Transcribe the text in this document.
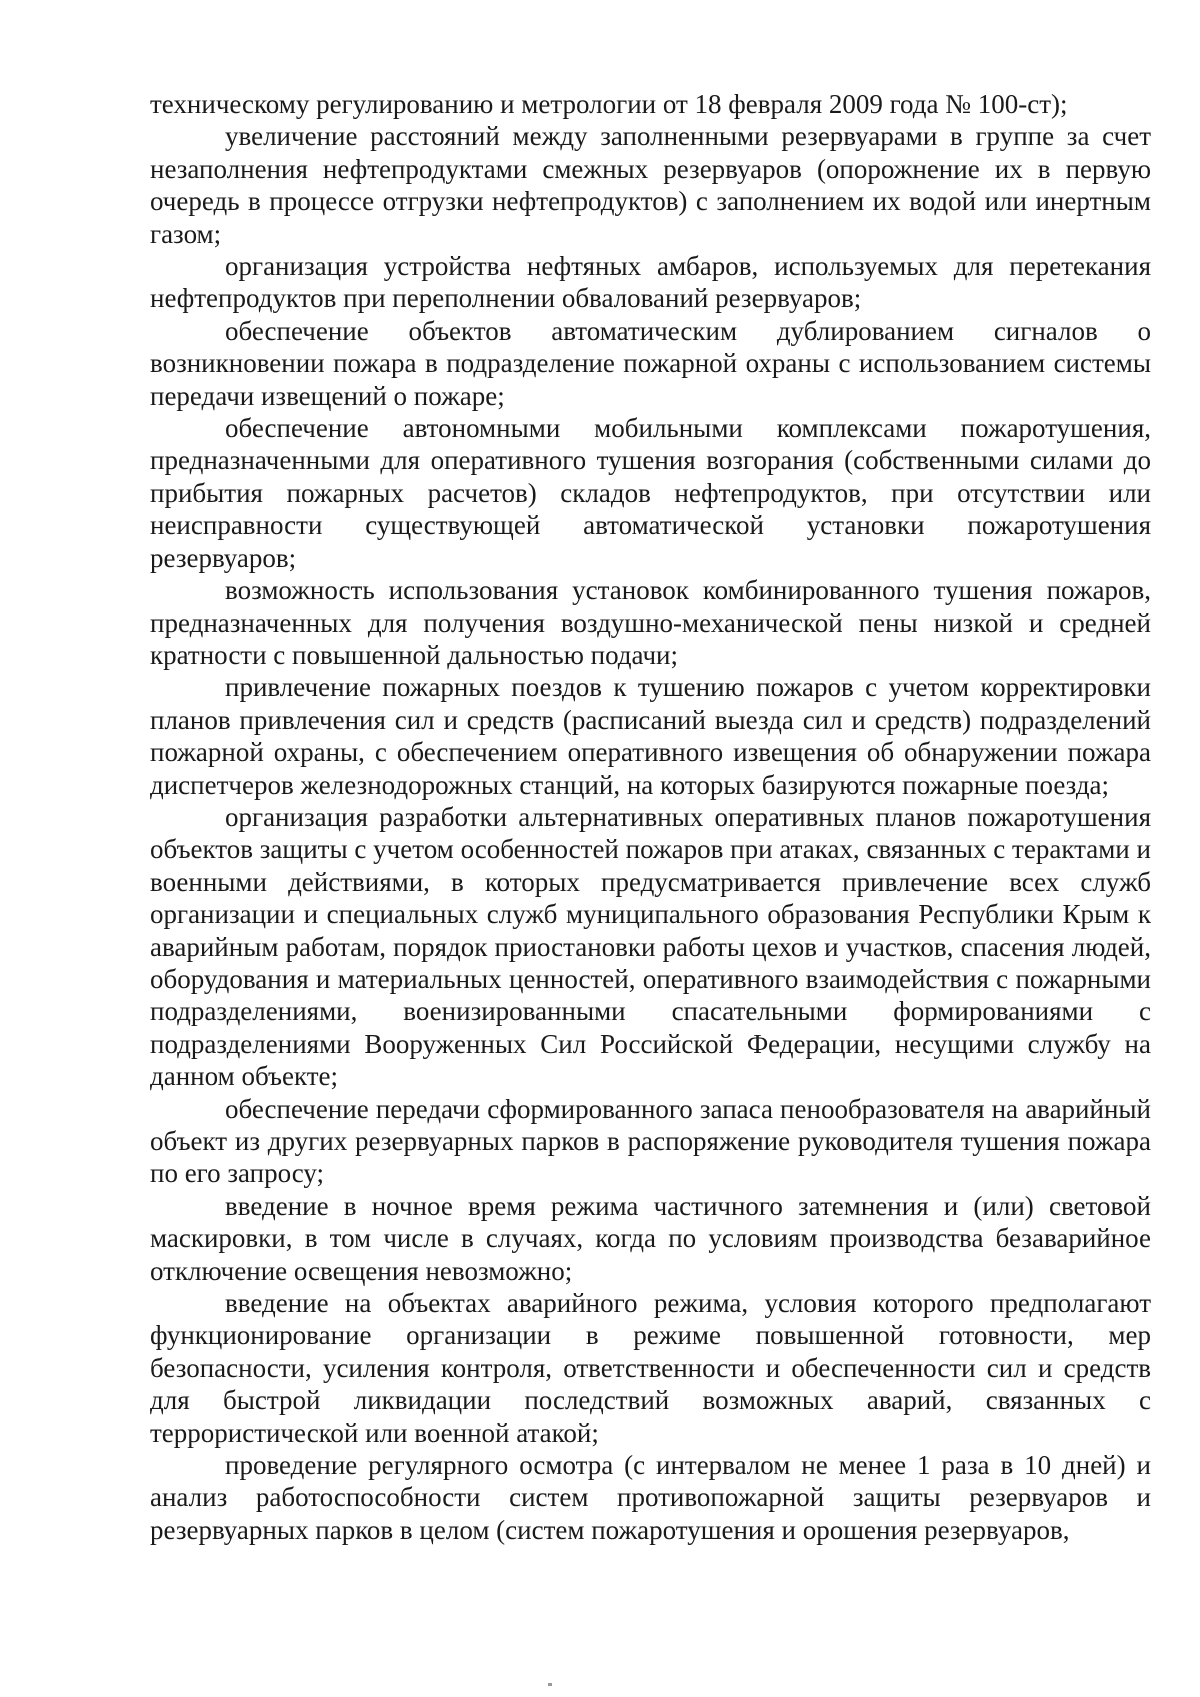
техническому регулированию и метрологии от 18 февраля 2009 года № 100-ст);

увеличение расстояний между заполненными резервуарами в группе за счет незаполнения нефтепродуктами смежных резервуаров (опорожнение их в первую очередь в процессе отгрузки нефтепродуктов) с заполнением их водой или инертным газом;

организация устройства нефтяных амбаров, используемых для перетекания нефтепродуктов при переполнении обвалований резервуаров;

обеспечение объектов автоматическим дублированием сигналов о возникновении пожара в подразделение пожарной охраны с использованием системы передачи извещений о пожаре;

обеспечение автономными мобильными комплексами пожаротушения, предназначенными для оперативного тушения возгорания (собственными силами до прибытия пожарных расчетов) складов нефтепродуктов, при отсутствии или неисправности существующей автоматической установки пожаротушения резервуаров;

возможность использования установок комбинированного тушения пожаров, предназначенных для получения воздушно-механической пены низкой и средней кратности с повышенной дальностью подачи;

привлечение пожарных поездов к тушению пожаров с учетом корректировки планов привлечения сил и средств (расписаний выезда сил и средств) подразделений пожарной охраны, с обеспечением оперативного извещения об обнаружении пожара диспетчеров железнодорожных станций, на которых базируются пожарные поезда;

организация разработки альтернативных оперативных планов пожаротушения объектов защиты с учетом особенностей пожаров при атаках, связанных с терактами и военными действиями, в которых предусматривается привлечение всех служб организации и специальных служб муниципального образования Республики Крым к аварийным работам, порядок приостановки работы цехов и участков, спасения людей, оборудования и материальных ценностей, оперативного взаимодействия с пожарными подразделениями, военизированными спасательными формированиями с подразделениями Вооруженных Сил Российской Федерации, несущими службу на данном объекте;

обеспечение передачи сформированного запаса пенообразователя на аварийный объект из других резервуарных парков в распоряжение руководителя тушения пожара по его запросу;

введение в ночное время режима частичного затемнения и (или) световой маскировки, в том числе в случаях, когда по условиям производства безаварийное отключение освещения невозможно;

введение на объектах аварийного режима, условия которого предполагают функционирование организации в режиме повышенной готовности, мер безопасности, усиления контроля, ответственности и обеспеченности сил и средств для быстрой ликвидации последствий возможных аварий, связанных с террористической или военной атакой;

проведение регулярного осмотра (с интервалом не менее 1 раза в 10 дней) и анализ работоспособности систем противопожарной защиты резервуаров и резервуарных парков в целом (систем пожаротушения и орошения резервуаров,
